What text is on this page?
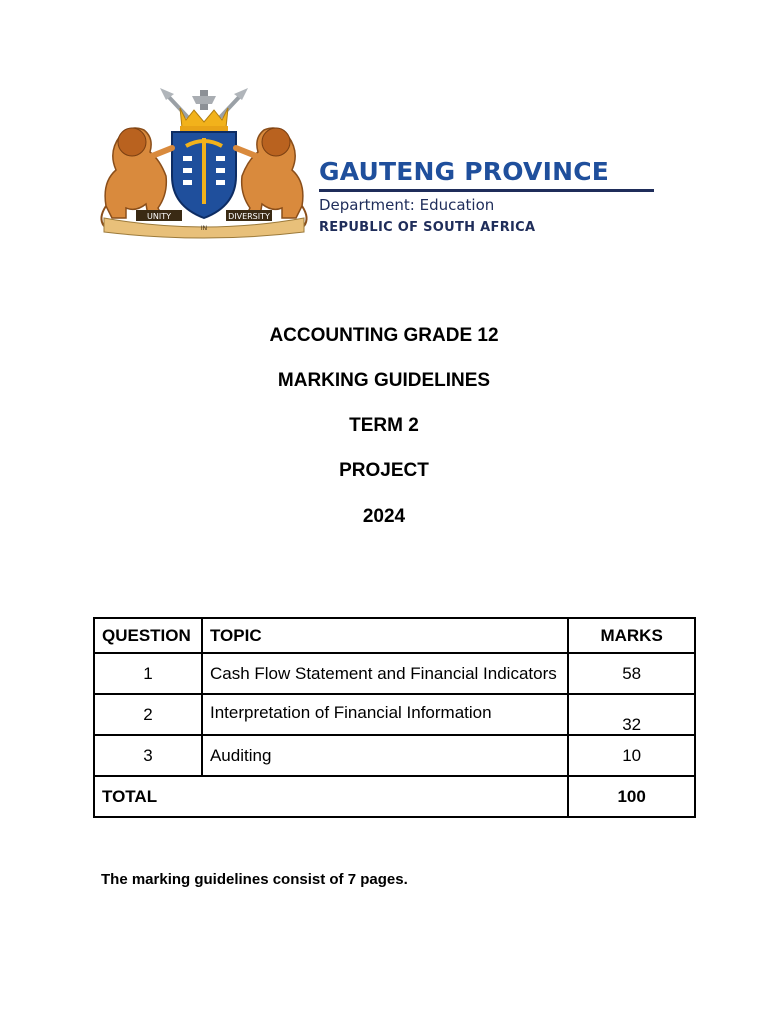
UNITY
IN
DIVERSITY
GAUTENG PROVINCE
Department: Education
REPUBLIC OF SOUTH AFRICA
ACCOUNTING GRADE 12
MARKING GUIDELINES
TERM 2
PROJECT
2024
QUESTION	TOPIC	MARKS
1	Cash Flow Statement and Financial Indicators	58
2	Interpretation of Financial Information	32
3	Auditing	10
TOTAL		100
The marking guidelines consist of 7 pages.
